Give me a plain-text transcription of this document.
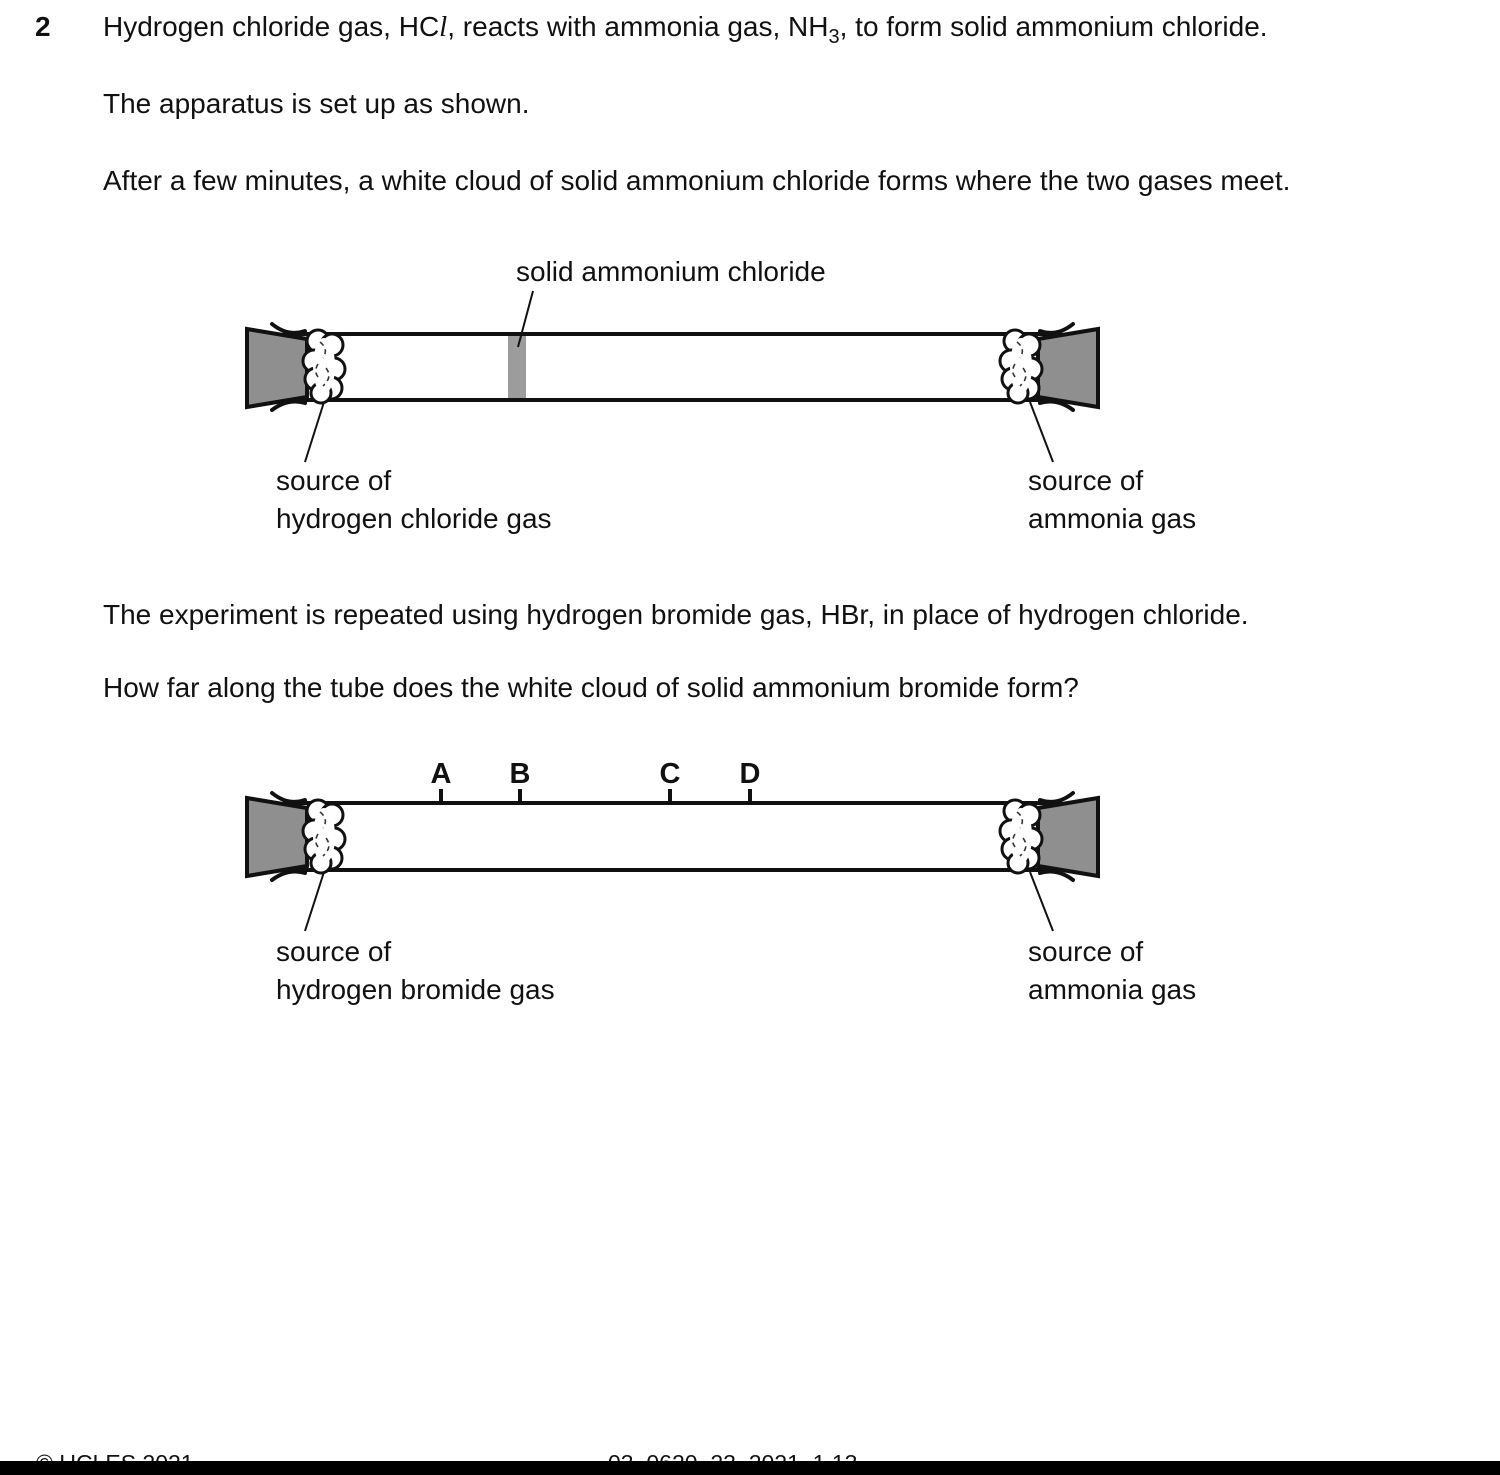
2 Hydrogen chloride gas, HCl, reacts with ammonia gas, $NH_3$, to form solid ammonium chloride.
The apparatus is set up as shown.
After a few minutes, a white cloud of solid ammonium chloride forms where the two gases meet.
solid ammonium chloride
source of
hydrogen chloride gas
source of
ammonia gas
The experiment is repeated using hydrogen bromide gas, HBr, in place of hydrogen chloride.
How far along the tube does the white cloud of solid ammonium bromide form?
A B	C D
source of
hydrogen bromide gas
source of
ammonia gas
